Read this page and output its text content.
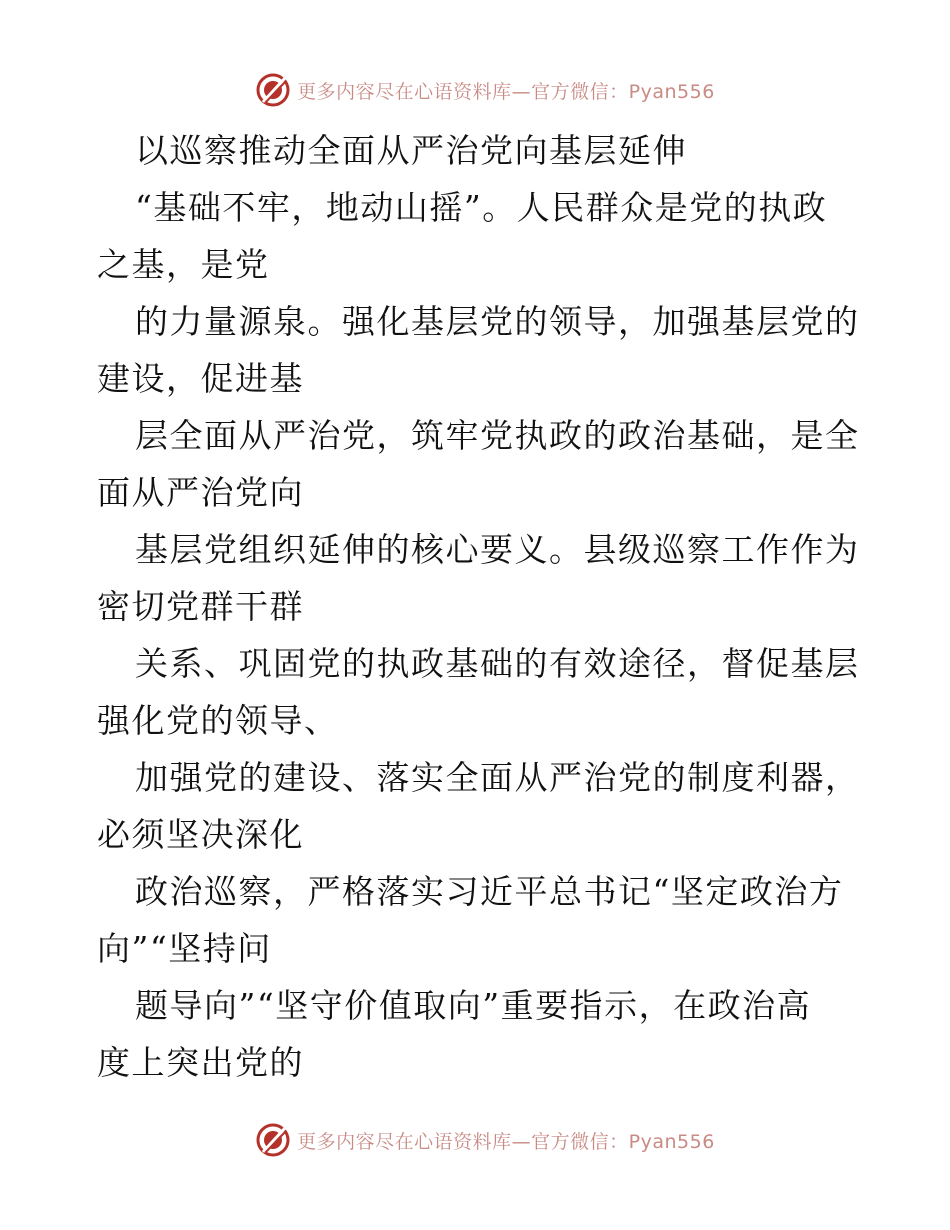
更多内容尽在心语资料库—官方微信：Pyan556
以巡察推动全面从严治党向基层延伸
“基础不牢，地动山摇”。人民群众是党的执政
之基，是党
的力量源泉。强化基层党的领导，加强基层党的
建设，促进基
层全面从严治党，筑牢党执政的政治基础，是全
面从严治党向
基层党组织延伸的核心要义。县级巡察工作作为
密切党群干群
关系、巩固党的执政基础的有效途径，督促基层
强化党的领导、
加强党的建设、落实全面从严治党的制度利器，
必须坚决深化
政治巡察，严格落实习近平总书记“坚定政治方
向”“坚持问
题导向”“坚守价值取向”重要指示，在政治高
度上突出党的
更多内容尽在心语资料库—官方微信：Pyan556
